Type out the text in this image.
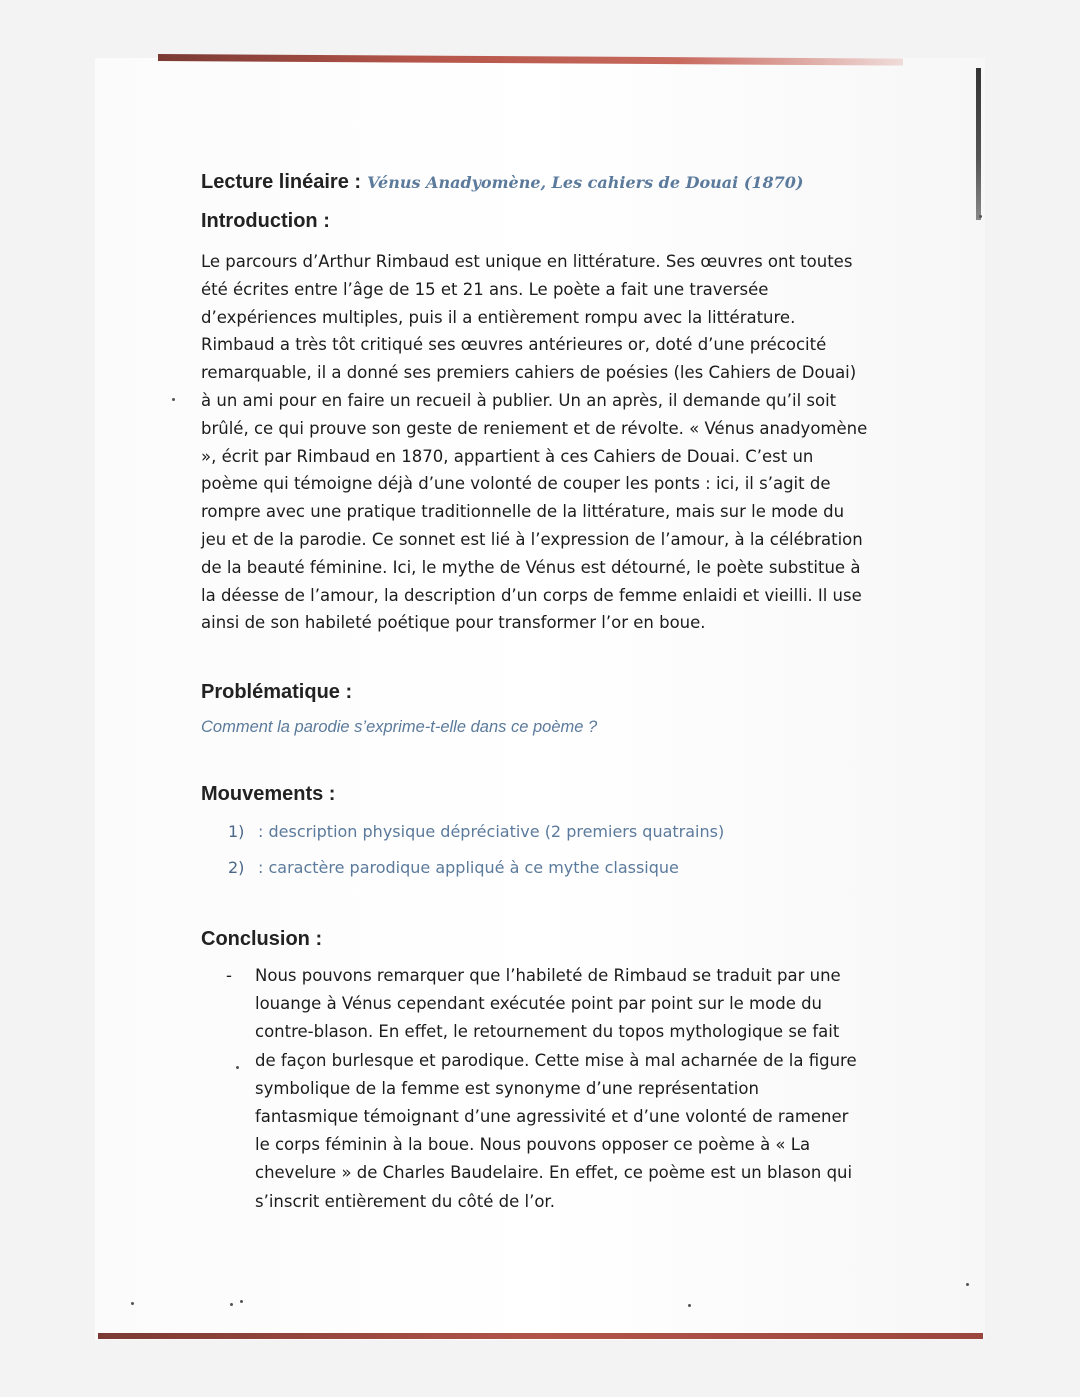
Lecture linéaire : Vénus Anadyomène, Les cahiers de Douai (1870)
Introduction :

Le parcours d’Arthur Rimbaud est unique en littérature. Ses œuvres ont toutes été écrites entre l’âge de 15 et 21 ans. Le poète a fait une traversée d’expériences multiples, puis il a entièrement rompu avec la littérature. Rimbaud a très tôt critiqué ses œuvres antérieures or, doté d’une précocité remarquable, il a donné ses premiers cahiers de poésies (les Cahiers de Douai) à un ami pour en faire un recueil à publier. Un an après, il demande qu’il soit brûlé, ce qui prouve son geste de reniement et de révolte. « Vénus anadyomène », écrit par Rimbaud en 1870, appartient à ces Cahiers de Douai. C’est un poème qui témoigne déjà d’une volonté de couper les ponts : ici, il s’agit de rompre avec une pratique traditionnelle de la littérature, mais sur le mode du jeu et de la parodie. Ce sonnet est lié à l’expression de l’amour, à la célébration de la beauté féminine. Ici, le mythe de Vénus est détourné, le poète substitue à la déesse de l’amour, la description d’un corps de femme enlaidi et vieilli. Il use ainsi de son habileté poétique pour transformer l’or en boue.

Problématique :

Comment la parodie s’exprime-t-elle dans ce poème ?

Mouvements :
1) : description physique dépréciative (2 premiers quatrains)
2) : caractère parodique appliqué à ce mythe classique
Conclusion :
- Nous pouvons remarquer que l’habileté de Rimbaud se traduit par une louange à Vénus cependant exécutée point par point sur le mode du contre-blason. En effet, le retournement du topos mythologique se fait de façon burlesque et parodique. Cette mise à mal acharnée de la figure symbolique de la femme est synonyme d’une représentation fantasmique témoignant d’une agressivité et d’une volonté de ramener le corps féminin à la boue. Nous pouvons opposer ce poème à « La chevelure » de Charles Baudelaire. En effet, ce poème est un blason qui s’inscrit entièrement du côté de l’or.
